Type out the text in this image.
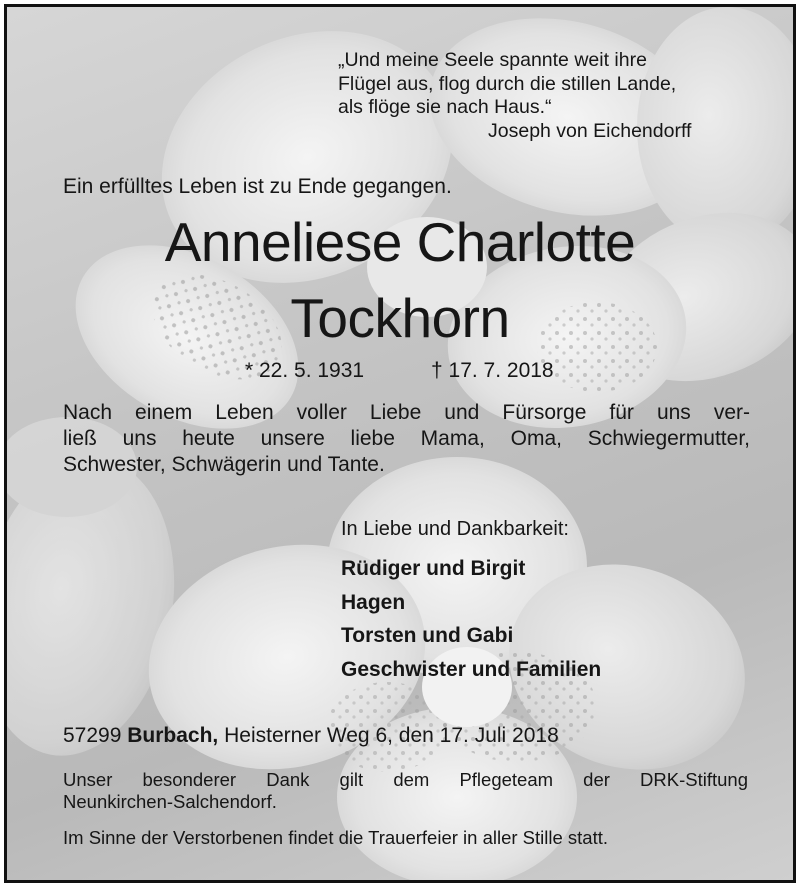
„Und meine Seele spannte weit ihre
Flügel aus, flog durch die stillen Lande,
als flöge sie nach Haus.“
Joseph von Eichendorff
Ein erfülltes Leben ist zu Ende gegangen.
Anneliese Charlotte
Tockhorn
* 22. 5. 1931	† 17. 7. 2018
Nach einem Leben voller Liebe und Fürsorge für uns ver-
ließ uns heute unsere liebe Mama, Oma, Schwiegermutter,
Schwester, Schwägerin und Tante.
In Liebe und Dankbarkeit:
Rüdiger und Birgit
Hagen
Torsten und Gabi
Geschwister und Familien
57299 Burbach, Heisterner Weg 6, den 17. Juli 2018
Unser besonderer Dank gilt dem Pflegeteam der DRK-Stiftung
Neunkirchen-Salchendorf.
Im Sinne der Verstorbenen findet die Trauerfeier in aller Stille statt.
